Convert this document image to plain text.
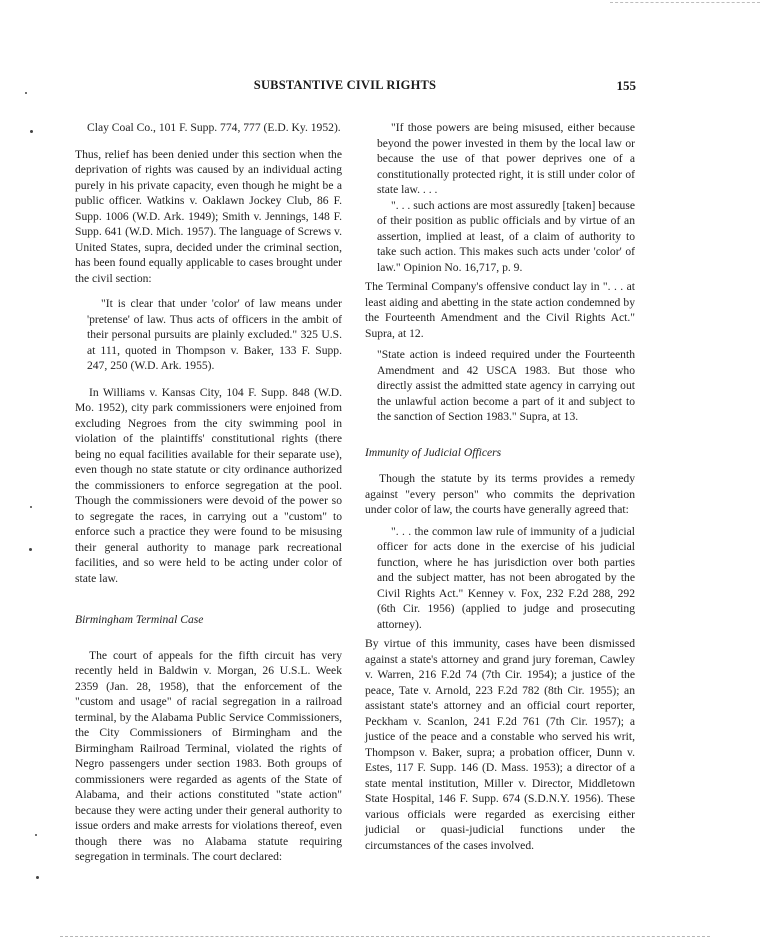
SUBSTANTIVE CIVIL RIGHTS	155

Clay Coal Co., 101 F. Supp. 774, 777 (E.D. Ky. 1952).

Thus, relief has been denied under this section when the deprivation of rights was caused by an individual acting purely in his private capacity, even though he might be a public officer. Watkins v. Oaklawn Jockey Club, 86 F. Supp. 1006 (W.D. Ark. 1949); Smith v. Jennings, 148 F. Supp. 641 (W.D. Mich. 1957). The language of Screws v. United States, supra, decided under the criminal section, has been found equally applicable to cases brought under the civil section:

"It is clear that under 'color' of law means under 'pretense' of law. Thus acts of officers in the ambit of their personal pursuits are plainly excluded." 325 U.S. at 111, quoted in Thompson v. Baker, 133 F. Supp. 247, 250 (W.D. Ark. 1955).

In Williams v. Kansas City, 104 F. Supp. 848 (W.D. Mo. 1952), city park commissioners were enjoined from excluding Negroes from the city swimming pool in violation of the plaintiffs' constitutional rights (there being no equal facilities available for their separate use), even though no state statute or city ordinance authorized the commissioners to enforce segregation at the pool. Though the commissioners were devoid of the power so to segregate the races, in carrying out a "custom" to enforce such a practice they were found to be misusing their general authority to manage park recreational facilities, and so were held to be acting under color of state law.

Birmingham Terminal Case

The court of appeals for the fifth circuit has very recently held in Baldwin v. Morgan, 26 U.S.L. Week 2359 (Jan. 28, 1958), that the enforcement of the "custom and usage" of racial segregation in a railroad terminal, by the Alabama Public Service Commissioners, the City Commissioners of Birmingham and the Birmingham Railroad Terminal, violated the rights of Negro passengers under section 1983. Both groups of commissioners were regarded as agents of the State of Alabama, and their actions constituted "state action" because they were acting under their general authority to issue orders and make arrests for violations thereof, even though there was no Alabama statute requiring segregation in terminals. The court declared:

"If those powers are being misused, either because beyond the power invested in them by the local law or because the use of that power deprives one of a constitutionally protected right, it is still under color of state law. . . .

". . . such actions are most assuredly [taken] because of their position as public officials and by virtue of an assertion, implied at least, of a claim of authority to take such action. This makes such acts under 'color' of law." Opinion No. 16,717, p. 9.

The Terminal Company's offensive conduct lay in ". . . at least aiding and abetting in the state action condemned by the Fourteenth Amendment and the Civil Rights Act." Supra, at 12.

"State action is indeed required under the Fourteenth Amendment and 42 USCA 1983. But those who directly assist the admitted state agency in carrying out the unlawful action become a part of it and subject to the sanction of Section 1983." Supra, at 13.

Immunity of Judicial Officers

Though the statute by its terms provides a remedy against "every person" who commits the deprivation under color of law, the courts have generally agreed that:

". . . the common law rule of immunity of a judicial officer for acts done in the exercise of his judicial function, where he has jurisdiction over both parties and the subject matter, has not been abrogated by the Civil Rights Act." Kenney v. Fox, 232 F.2d 288, 292 (6th Cir. 1956) (applied to judge and prosecuting attorney).

By virtue of this immunity, cases have been dismissed against a state's attorney and grand jury foreman, Cawley v. Warren, 216 F.2d 74 (7th Cir. 1954); a justice of the peace, Tate v. Arnold, 223 F.2d 782 (8th Cir. 1955); an assistant state's attorney and an official court reporter, Peckham v. Scanlon, 241 F.2d 761 (7th Cir. 1957); a justice of the peace and a constable who served his writ, Thompson v. Baker, supra; a probation officer, Dunn v. Estes, 117 F. Supp. 146 (D. Mass. 1953); a director of a state mental institution, Miller v. Director, Middletown State Hospital, 146 F. Supp. 674 (S.D.N.Y. 1956). These various officials were regarded as exercising either judicial or quasi-judicial functions under the circumstances of the cases involved.
